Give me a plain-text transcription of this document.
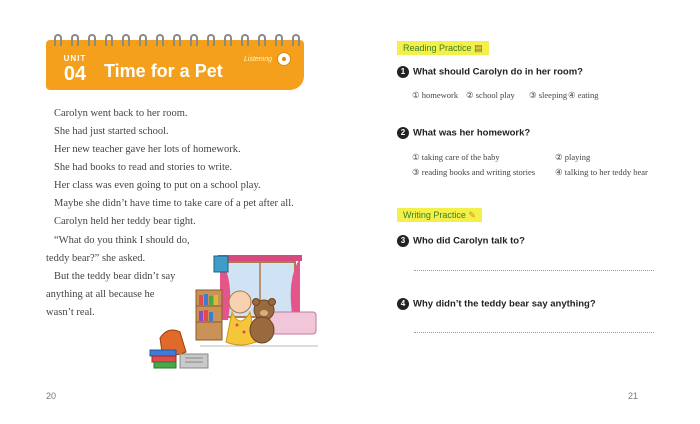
UNIT
04 Time for a Pet
Listening
Carolyn went back to her room.
She had just started school.
Her new teacher gave her lots of homework.
She had books to read and stories to write.
Her class was even going to put on a school play.
Maybe she didn’t have time to take care of a pet after all.
Carolyn held her teddy bear tight.
“What do you think I should do,
teddy bear?” she asked.
But the teddy bear didn’t say
anything at all because he
wasn’t real.
20
Reading Practice ▤
1 What should Carolyn do in her room?
① homework ② school play ③ sleeping ④ eating
2 What was her homework?
① taking care of the baby	② playing
③ reading books and writing stories ④ talking to her teddy bear
Writing Practice ✎
3 Who did Carolyn talk to?
4 Why didn’t the teddy bear say anything?
21
